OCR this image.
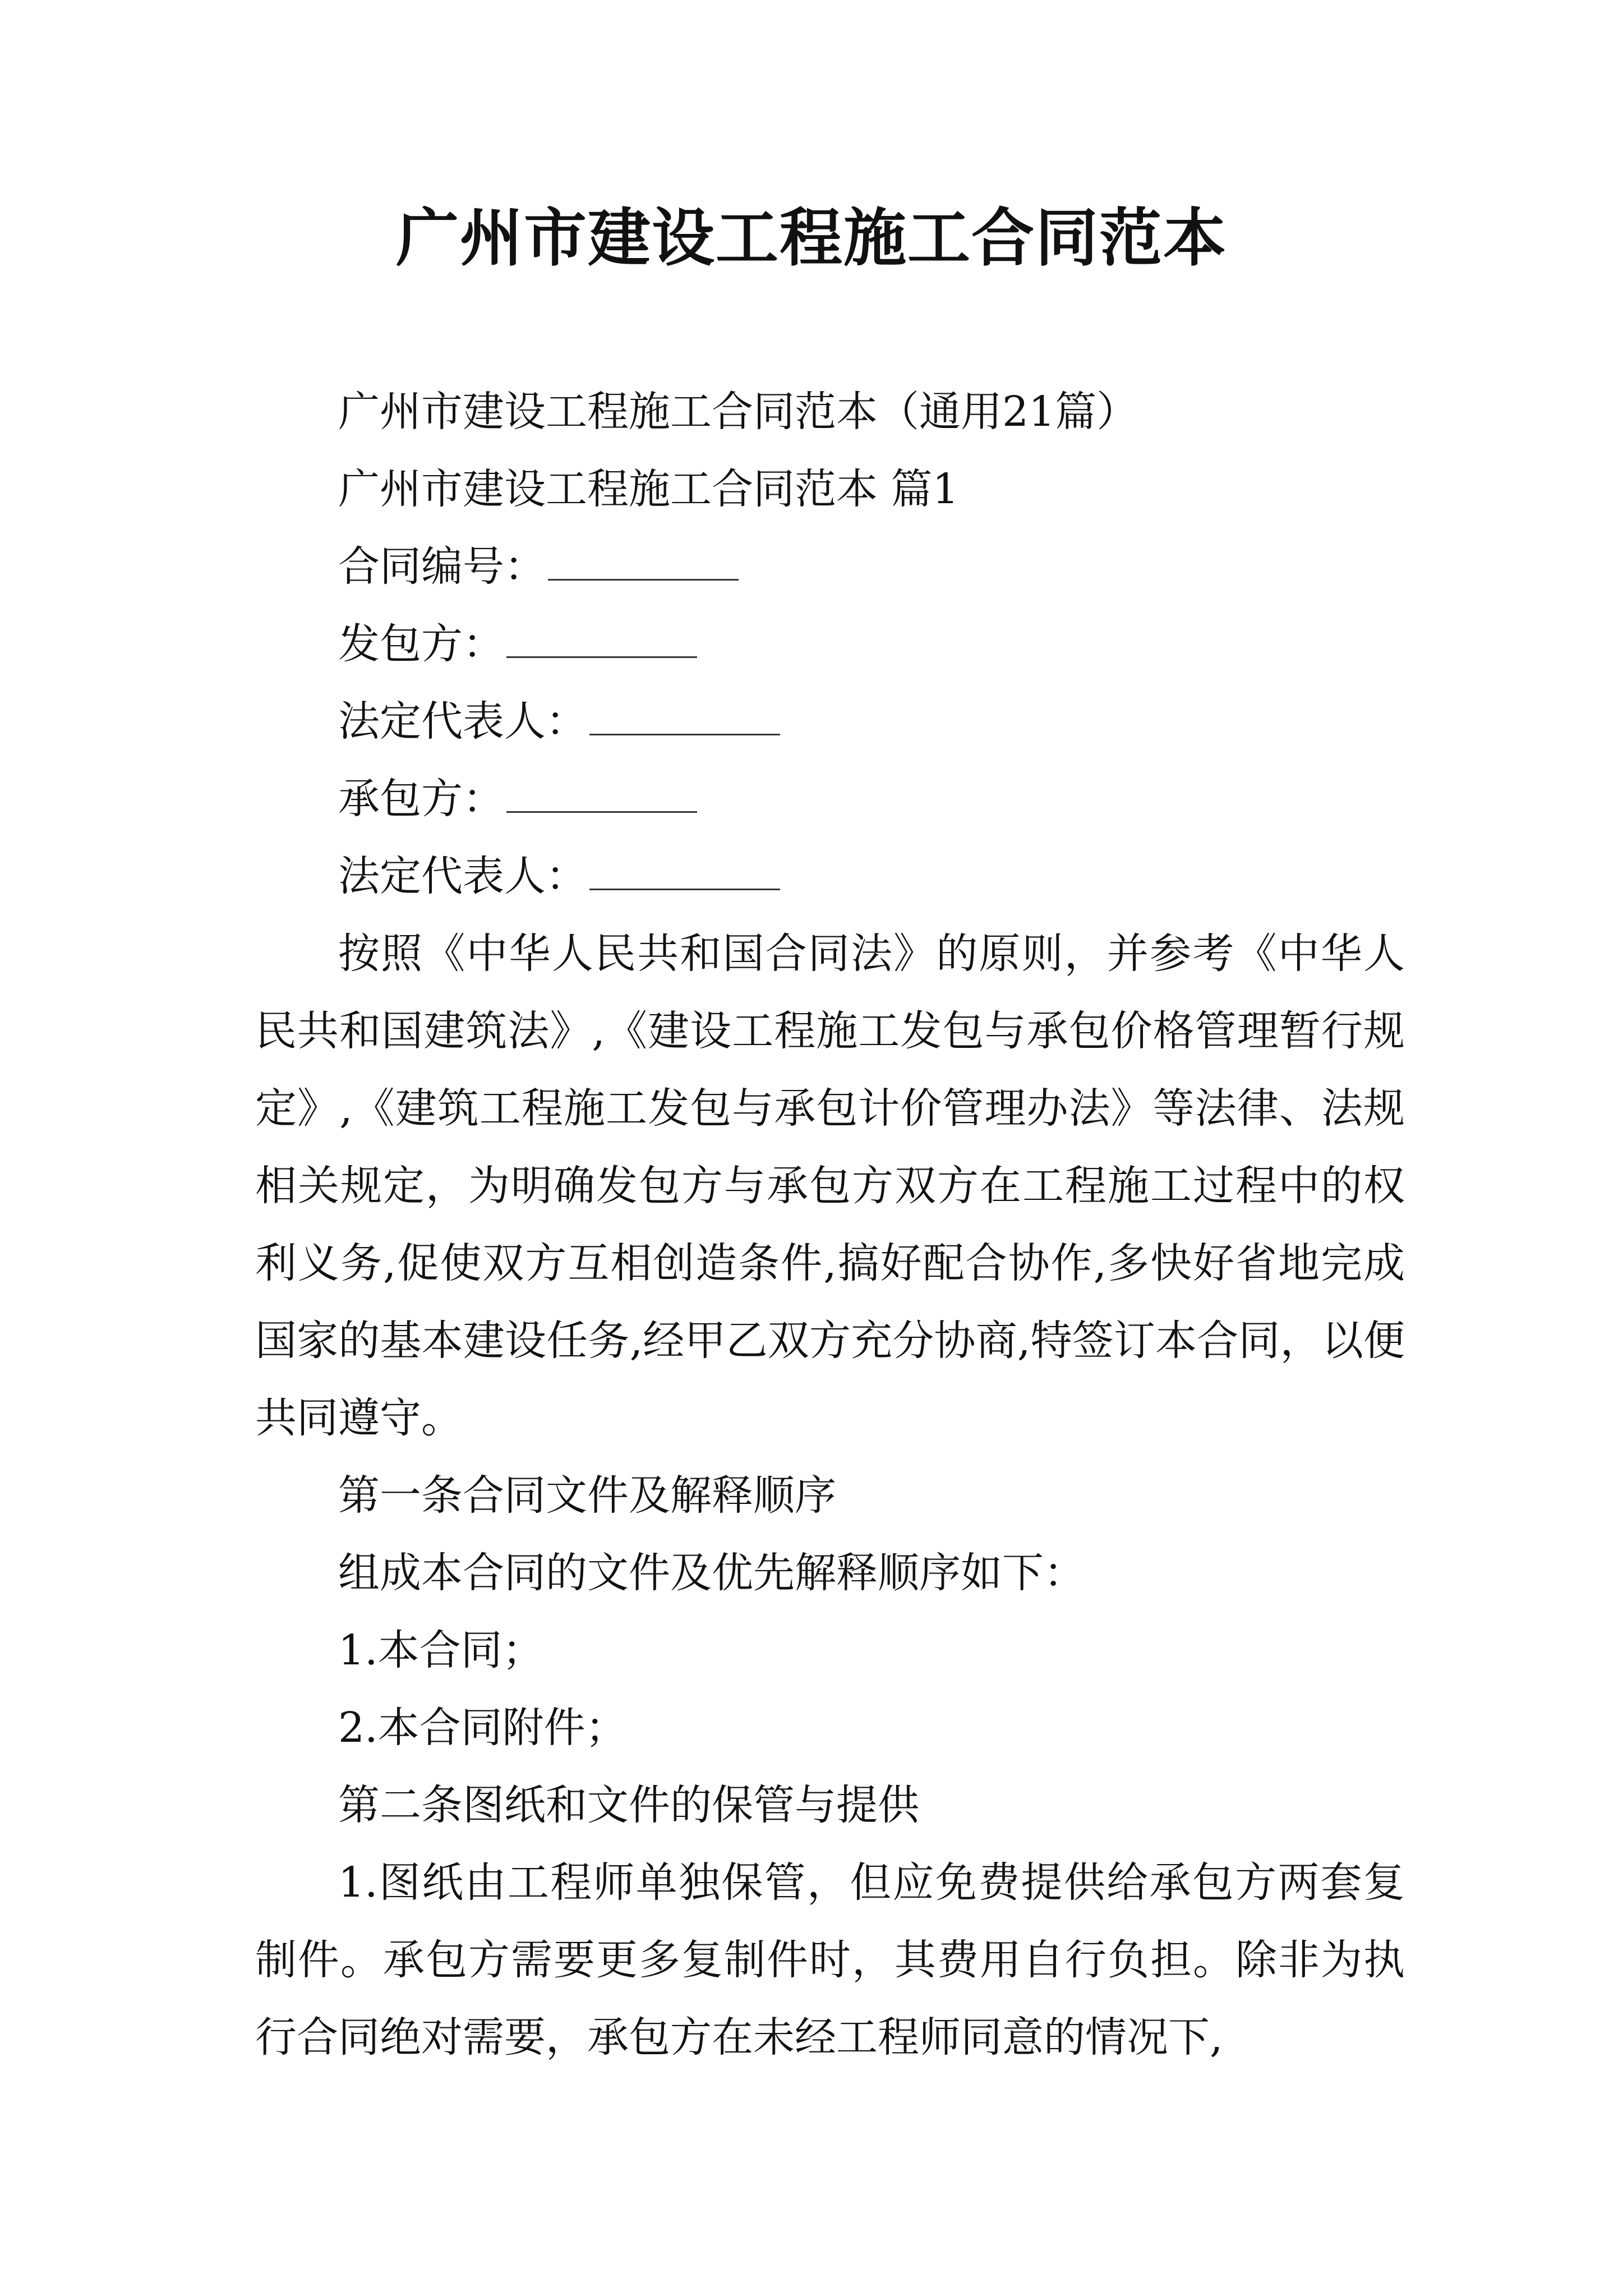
广州市建设工程施工合同范本

广州市建设工程施工合同范本（通用21篇）

广州市建设工程施工合同范本 篇1

合同编号：

发包方：

法定代表人：

承包方：

法定代表人：

按照《中华人民共和国合同法》的原则，并参考《中华人民共和国建筑法》,《建设工程施工发包与承包价格管理暂行规定》,《建筑工程施工发包与承包计价管理办法》等法律、法规相关规定，为明确发包方与承包方双方在工程施工过程中的权利义务,促使双方互相创造条件,搞好配合协作,多快好省地完成国家的基本建设任务,经甲乙双方充分协商,特签订本合同，以便共同遵守。

第一条合同文件及解释顺序

组成本合同的文件及优先解释顺序如下：

1.本合同；

2.本合同附件；

第二条图纸和文件的保管与提供

1.图纸由工程师单独保管，但应免费提供给承包方两套复制件。承包方需要更多复制件时，其费用自行负担。除非为执行合同绝对需要，承包方在未经工程师同意的情况下,
